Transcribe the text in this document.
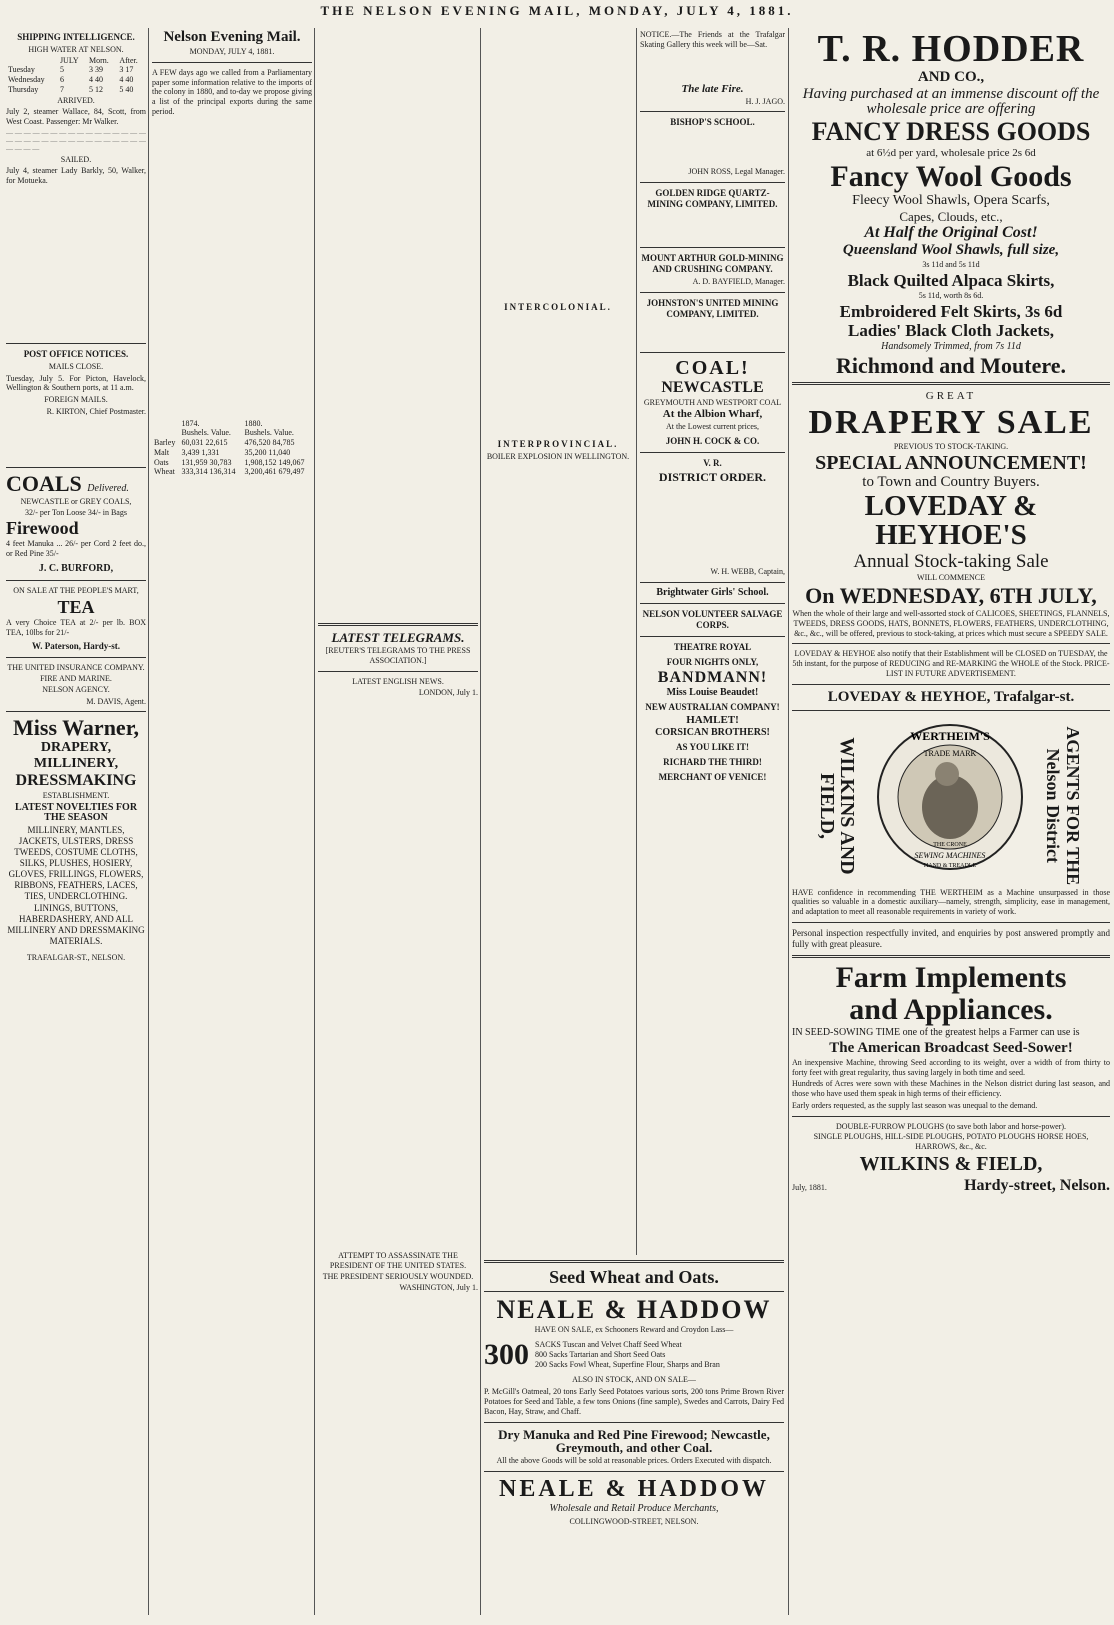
THE NELSON EVENING MAIL, MONDAY, JULY 4, 1881.
SHIPPING INTELLIGENCE.
HIGH WATER AT NELSON.
	JULY	Morn.	After.
Tuesday	5	3 39	3 17
Wednesday	6	4 40	4 40
Thursday	7	5 12	5 40
ARRIVED.
July 2, steamer Wallace, 84, Scott, from West Coast. Passenger: Mr Walker.
— — — — — — — — — — — — — — — — — — — — — — — — — — — — — — — — — — — —
SAILED.
July 4, steamer Lady Barkly, 50, Walker, for Motueka.
POST OFFICE NOTICES.
MAILS CLOSE.
Tuesday, July 5. For Picton, Havelock, Wellington & Southern ports, at 11 a.m.
FOREIGN MAILS.
R. KIRTON, Chief Postmaster.
COALS Delivered.
NEWCASTLE or GREY COALS,
32/- per Ton Loose 34/- in Bags
Firewood
4 feet Manuka ... 26/- per Cord 2 feet do., or Red Pine 35/-
J. C. BURFORD,
ON SALE AT THE PEOPLE'S MART,
TEA
A very Choice TEA at 2/- per lb. BOX TEA, 10lbs for 21/-
W. Paterson, Hardy-st.
THE UNITED INSURANCE COMPANY.
FIRE AND MARINE.
NELSON AGENCY.
M. DAVIS, Agent.
Miss Warner,
DRAPERY,
MILLINERY,
DRESSMAKING
ESTABLISHMENT.
LATEST NOVELTIES FOR THE SEASON
MILLINERY, MANTLES, JACKETS, ULSTERS, DRESS TWEEDS, COSTUME CLOTHS, SILKS, PLUSHES, HOSIERY, GLOVES, FRILLINGS, FLOWERS, RIBBONS, FEATHERS, LACES, TIES, UNDERCLOTHING.
LININGS, BUTTONS, HABERDASHERY, AND ALL MILLINERY AND DRESSMAKING MATERIALS.
TRAFALGAR-ST., NELSON.
Nelson Evening Mail.
MONDAY, JULY 4, 1881.
A FEW days ago we called from a Parliamentary paper some information relative to the imports of the colony in 1880, and to-day we propose giving a list of the principal exports during the same period.
	1874.	1880.
	Bushels. Value.	Bushels. Value.
Barley	60,031 22,615	476,520 84,785
Malt	3,439 1,331	35,200 11,040
Oats	131,959 30,783	1,908,152 149,067
Wheat	333,314 136,314	3,200,461 679,497
LATEST TELEGRAMS.
[REUTER'S TELEGRAMS TO THE PRESS ASSOCIATION.]
LATEST ENGLISH NEWS.
LONDON, July 1.
ATTEMPT TO ASSASSINATE THE PRESIDENT OF THE UNITED STATES.
THE PRESIDENT SERIOUSLY WOUNDED.
WASHINGTON, July 1.
INTERCOLONIAL.
INTERPROVINCIAL.
BOILER EXPLOSION IN WELLINGTON.
Seed Wheat and Oats.
NEALE & HADDOW
HAVE ON SALE, ex Schooners Reward and Croydon Lass—
300 SACKS Tuscan and Velvet Chaff Seed Wheat
800 Sacks Tartarian and Short Seed Oats
200 Sacks Fowl Wheat, Superfine Flour, Sharps and Bran
ALSO IN STOCK, AND ON SALE—
P. McGill's Oatmeal, 20 tons Early Seed Potatoes various sorts, 200 tons Prime Brown River Potatoes for Seed and Table, a few tons Onions (fine sample), Swedes and Carrots, Dairy Fed Bacon, Hay, Straw, and Chaff.
Dry Manuka and Red Pine Firewood; Newcastle, Greymouth, and other Coal.
All the above Goods will be sold at reasonable prices. Orders Executed with dispatch.
NEALE & HADDOW
Wholesale and Retail Produce Merchants,
COLLINGWOOD-STREET, NELSON.
NOTICE.—The Friends at the Trafalgar Skating Gallery this week will be—Sat.
The late Fire.
H. J. JAGO.
BISHOP'S SCHOOL.
JOHN ROSS, Legal Manager.
GOLDEN RIDGE QUARTZ-MINING COMPANY, LIMITED.
MOUNT ARTHUR GOLD-MINING AND CRUSHING COMPANY.
A. D. BAYFIELD, Manager.
JOHNSTON'S UNITED MINING COMPANY, LIMITED.
COAL!
NEWCASTLE
GREYMOUTH AND WESTPORT COAL
At the Albion Wharf,
At the Lowest current prices,
JOHN H. COCK & CO.
V. R.
DISTRICT ORDER.
W. H. WEBB, Captain,
Brightwater Girls' School.
NELSON VOLUNTEER SALVAGE CORPS.
THEATRE ROYAL
FOUR NIGHTS ONLY,
BANDMANN!
Miss Louise Beaudet!
NEW AUSTRALIAN COMPANY!
HAMLET!
CORSICAN BROTHERS!
AS YOU LIKE IT!
RICHARD THE THIRD!
MERCHANT OF VENICE!
T. R. HODDER
AND CO.,
Having purchased at an immense discount off the wholesale price are offering
FANCY DRESS GOODS
at 6½d per yard, wholesale price 2s 6d
Fancy Wool Goods
Fleecy Wool Shawls, Opera Scarfs,
Capes, Clouds, etc.,
At Half the Original Cost!
Queensland Wool Shawls, full size,
3s 11d and 5s 11d
Black Quilted Alpaca Skirts,
5s 11d, worth 8s 6d.
Embroidered Felt Skirts, 3s 6d
Ladies' Black Cloth Jackets,
Handsomely Trimmed, from 7s 11d
Richmond and Moutere.
GREAT
DRAPERY SALE
PREVIOUS TO STOCK-TAKING.
SPECIAL ANNOUNCEMENT!
to Town and Country Buyers.
LOVEDAY & HEYHOE'S
Annual Stock-taking Sale
WILL COMMENCE
On WEDNESDAY, 6TH JULY,
When the whole of their large and well-assorted stock of CALICOES, SHEETINGS, FLANNELS, TWEEDS, DRESS GOODS, HATS, BONNETS, FLOWERS, FEATHERS, UNDERCLOTHING, &c., &c., will be offered, previous to stock-taking, at prices which must secure a SPEEDY SALE.
LOVEDAY & HEYHOE also notify that their Establishment will be CLOSED on TUESDAY, the 5th instant, for the purpose of REDUCING and RE-MARKING the WHOLE of the Stock. PRICE-LIST IN FUTURE ADVERTISEMENT.
LOVEDAY & HEYHOE, Trafalgar-st.
WILKINS AND FIELD,
WERTHEIM'S
TRADE MARK
THE CRONE
SEWING MACHINES
HAND & TREADLE	AGENTS FOR THE Nelson District
HAVE confidence in recommending THE WERTHEIM as a Machine unsurpassed in those qualities so valuable in a domestic auxiliary—namely, strength, simplicity, ease in management, and adaptation to meet all reasonable requirements in variety of work.
Personal inspection respectfully invited, and enquiries by post answered promptly and fully with great pleasure.
Farm Implements
and Appliances.
IN SEED-SOWING TIME one of the greatest helps a Farmer can use is
The American Broadcast Seed-Sower!
An inexpensive Machine, throwing Seed according to its weight, over a width of from thirty to forty feet with great regularity, thus saving largely in both time and seed.
Hundreds of Acres were sown with these Machines in the Nelson district during last season, and those who have used them speak in high terms of their efficiency.
Early orders requested, as the supply last season was unequal to the demand.
DOUBLE-FURROW PLOUGHS (to save both labor and horse-power).
SINGLE PLOUGHS, HILL-SIDE PLOUGHS, POTATO PLOUGHS HORSE HOES, HARROWS, &c., &c.
WILKINS & FIELD,
July, 1881.	Hardy-street, Nelson.
